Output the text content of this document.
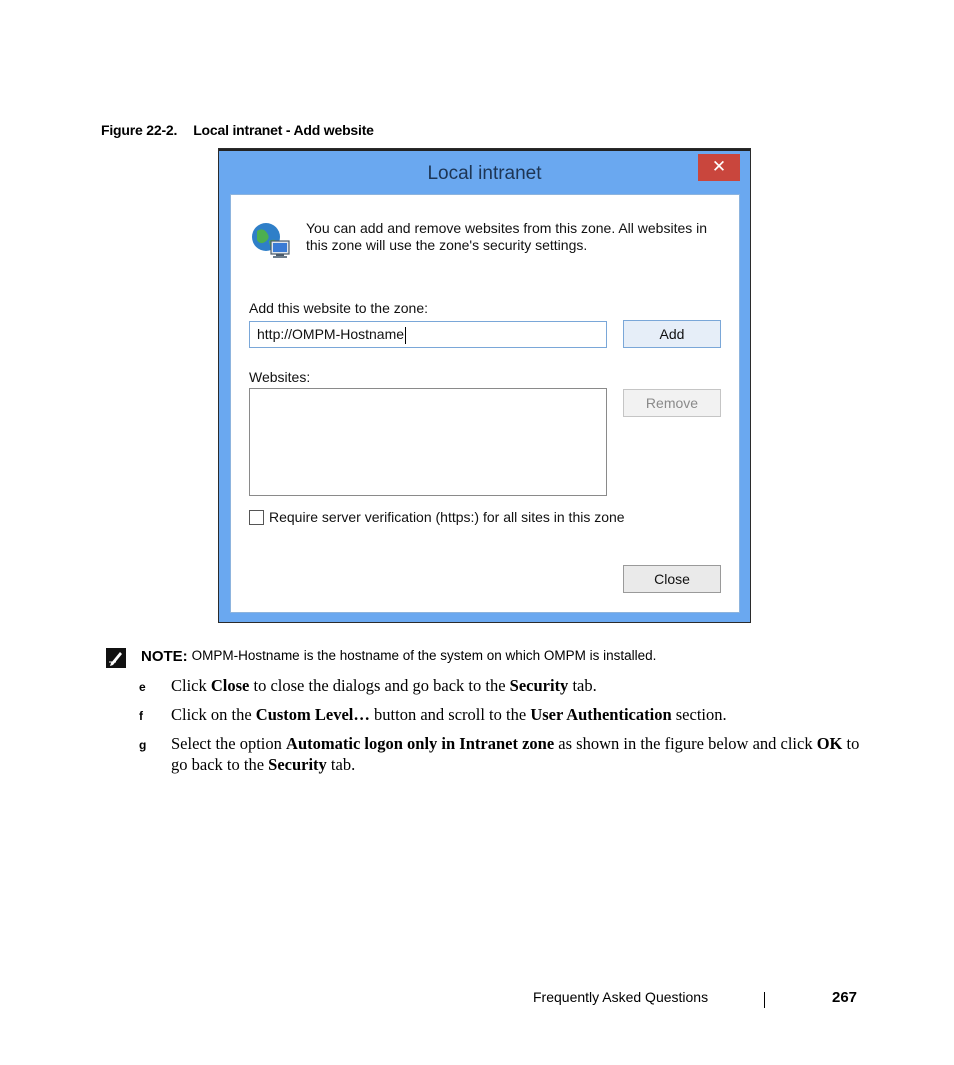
Figure 22-2. Local intranet - Add website
Local intranet	✕
You can add and remove websites from this zone. All websites in this zone will use the zone's security settings.
Add this website to the zone:
http://OMPM-Hostname	Add
Websites:
Remove
Require server verification (https:) for all sites in this zone
Close
NOTE: OMPM-Hostname is the hostname of the system on which OMPM is installed.
e Click Close to close the dialogs and go back to the Security tab.
f Click on the Custom Level… button and scroll to the User Authentication section.
g Select the option Automatic logon only in Intranet zone as shown in the figure below and click OK to go back to the Security tab.
Frequently Asked Questions	267
